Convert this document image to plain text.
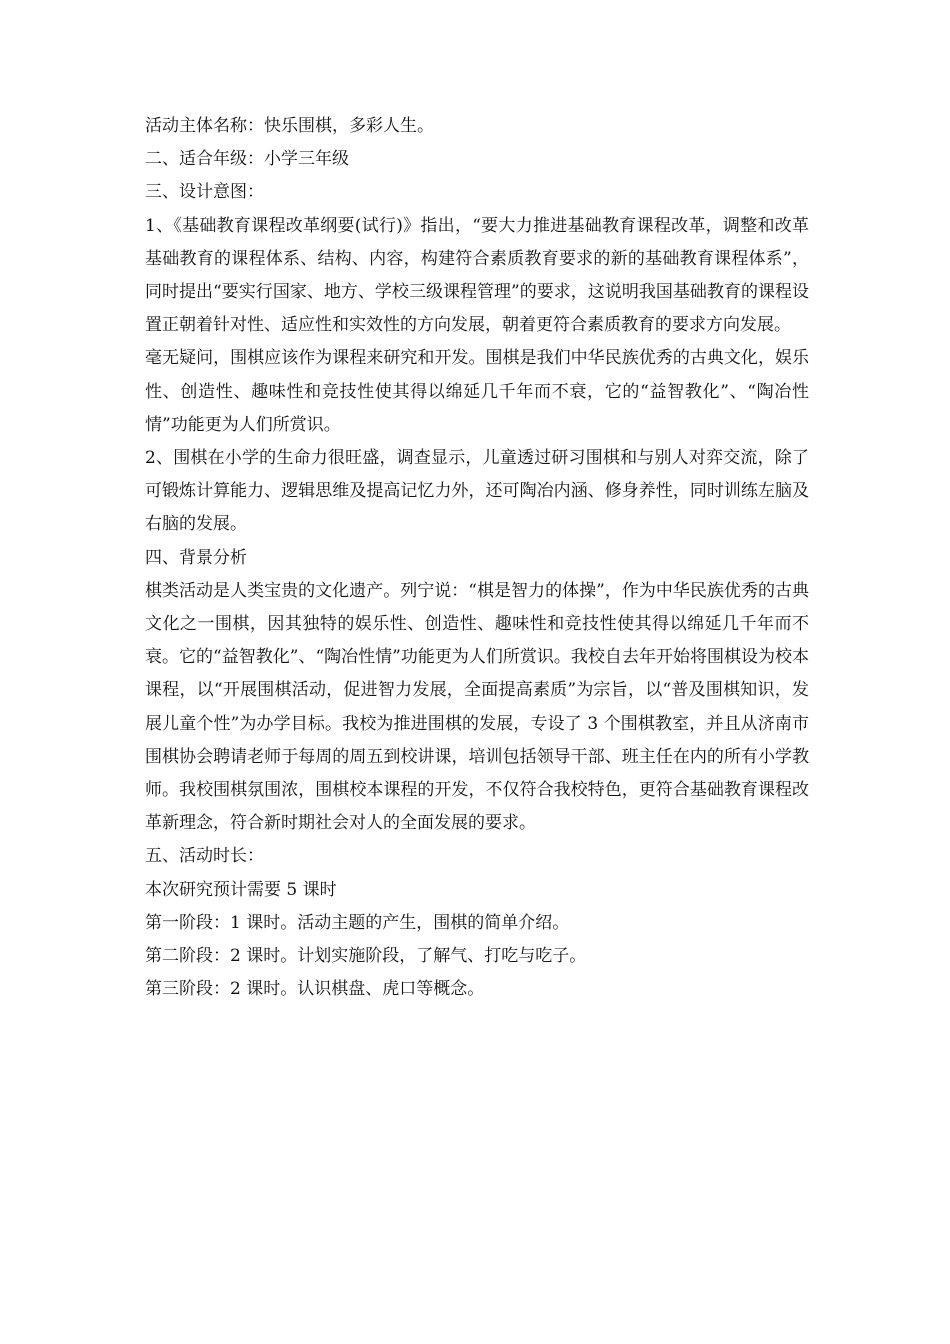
活动主体名称：快乐围棋，多彩人生。

二、适合年级：小学三年级

三、设计意图：

1、《基础教育课程改革纲要(试行)》指出，“要大力推进基础教育课程改革，调整和改革基础教育的课程体系、结构、内容，构建符合素质教育要求的新的基础教育课程体系”，同时提出“要实行国家、地方、学校三级课程管理”的要求，这说明我国基础教育的课程设置正朝着针对性、适应性和实效性的方向发展，朝着更符合素质教育的要求方向发展。

毫无疑问，围棋应该作为课程来研究和开发。围棋是我们中华民族优秀的古典文化，娱乐性、创造性、趣味性和竞技性使其得以绵延几千年而不衰，它的“益智教化”、“陶冶性情”功能更为人们所赏识。

2、围棋在小学的生命力很旺盛，调查显示，儿童透过研习围棋和与别人对弈交流，除了可锻炼计算能力、逻辑思维及提高记忆力外，还可陶冶内涵、修身养性，同时训练左脑及右脑的发展。

四、背景分析

棋类活动是人类宝贵的文化遗产。列宁说：“棋是智力的体操”，作为中华民族优秀的古典文化之一围棋，因其独特的娱乐性、创造性、趣味性和竞技性使其得以绵延几千年而不衰。它的“益智教化”、“陶冶性情”功能更为人们所赏识。我校自去年开始将围棋设为校本课程，以“开展围棋活动，促进智力发展，全面提高素质”为宗旨，以“普及围棋知识，发展儿童个性”为办学目标。我校为推进围棋的发展，专设了 3 个围棋教室，并且从济南市围棋协会聘请老师于每周的周五到校讲课，培训包括领导干部、班主任在内的所有小学教师。我校围棋氛围浓，围棋校本课程的开发，不仅符合我校特色，更符合基础教育课程改革新理念，符合新时期社会对人的全面发展的要求。

五、活动时长：

本次研究预计需要 5 课时

第一阶段：1 课时。活动主题的产生，围棋的简单介绍。

第二阶段：2 课时。计划实施阶段，了解气、打吃与吃子。

第三阶段：2 课时。认识棋盘、虎口等概念。
